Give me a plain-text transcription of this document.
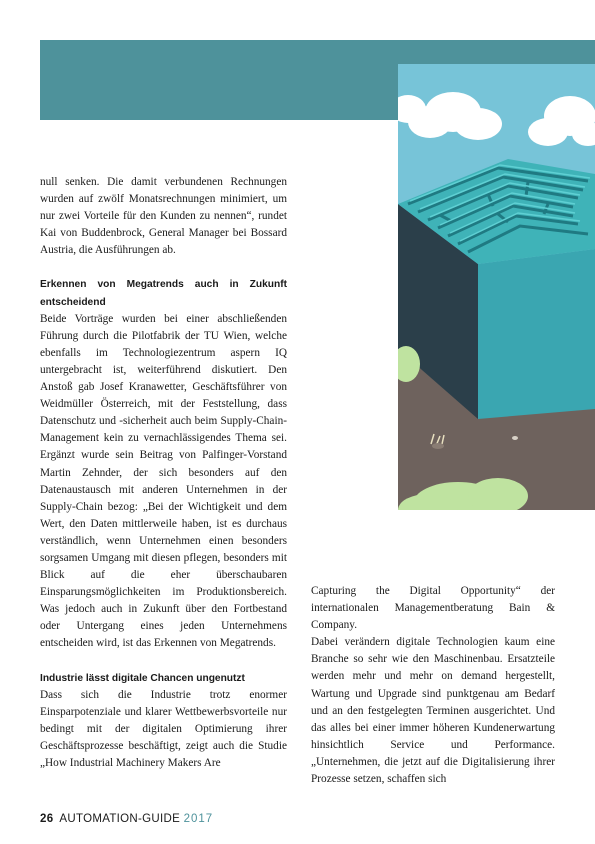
null senken. Die damit verbundenen Rechnungen wurden auf zwölf Monatsrechnungen minimiert, um nur zwei Vorteile für den Kunden zu nennen“, rundet Kai von Buddenbrock, General Manager bei Bossard Austria, die Ausführungen ab.

Erkennen von Megatrends auch in Zukunft entscheidend

Beide Vorträge wurden bei einer abschließenden Führung durch die Pilotfabrik der TU Wien, welche ebenfalls im Technologiezentrum aspern IQ untergebracht ist, weiterführend diskutiert. Den Anstoß gab Josef Kranawetter, Geschäftsführer von Weidmüller Österreich, mit der Feststellung, dass Datenschutz und -sicherheit auch beim Supply-Chain-Management kein zu vernachlässigendes Thema sei. Ergänzt wurde sein Beitrag von Palfinger-Vorstand Martin Zehnder, der sich besonders auf den Datenaustausch mit anderen Unternehmen in der Supply-Chain bezog: „Bei der Wichtigkeit und dem Wert, den Daten mittlerweile haben, ist es durchaus verständlich, wenn Unternehmen einen besonders sorgsamen Umgang mit diesen pflegen, besonders mit Blick auf die eher überschaubaren Einsparungsmöglichkeiten im Produktionsbereich. Was jedoch auch in Zukunft über den Fortbestand oder Untergang eines jeden Unternehmens entscheiden wird, ist das Erkennen von Megatrends.

Industrie lässt digitale Chancen ungenutzt

Dass sich die Industrie trotz enormer Einsparpotenziale und klarer Wettbewerbsvorteile nur bedingt mit der digitalen Optimierung ihrer Geschäftsprozesse beschäftigt, zeigt auch die Studie „How Industrial Machinery Makers Are

Capturing the Digital Opportunity“ der internationalen Managementberatung Bain & Company.

Dabei verändern digitale Technologien kaum eine Branche so sehr wie den Maschinenbau. Ersatzteile werden mehr und mehr on demand hergestellt, Wartung und Upgrade sind punktgenau am Bedarf und an den festgelegten Terminen ausgerichtet. Und das alles bei einer immer höheren Kundenerwartung hinsichtlich Service und Performance. „Unternehmen, die jetzt auf die Digitalisierung ihrer Prozesse setzen, schaffen sich

26 AUTOMATION-GUIDE 2017
